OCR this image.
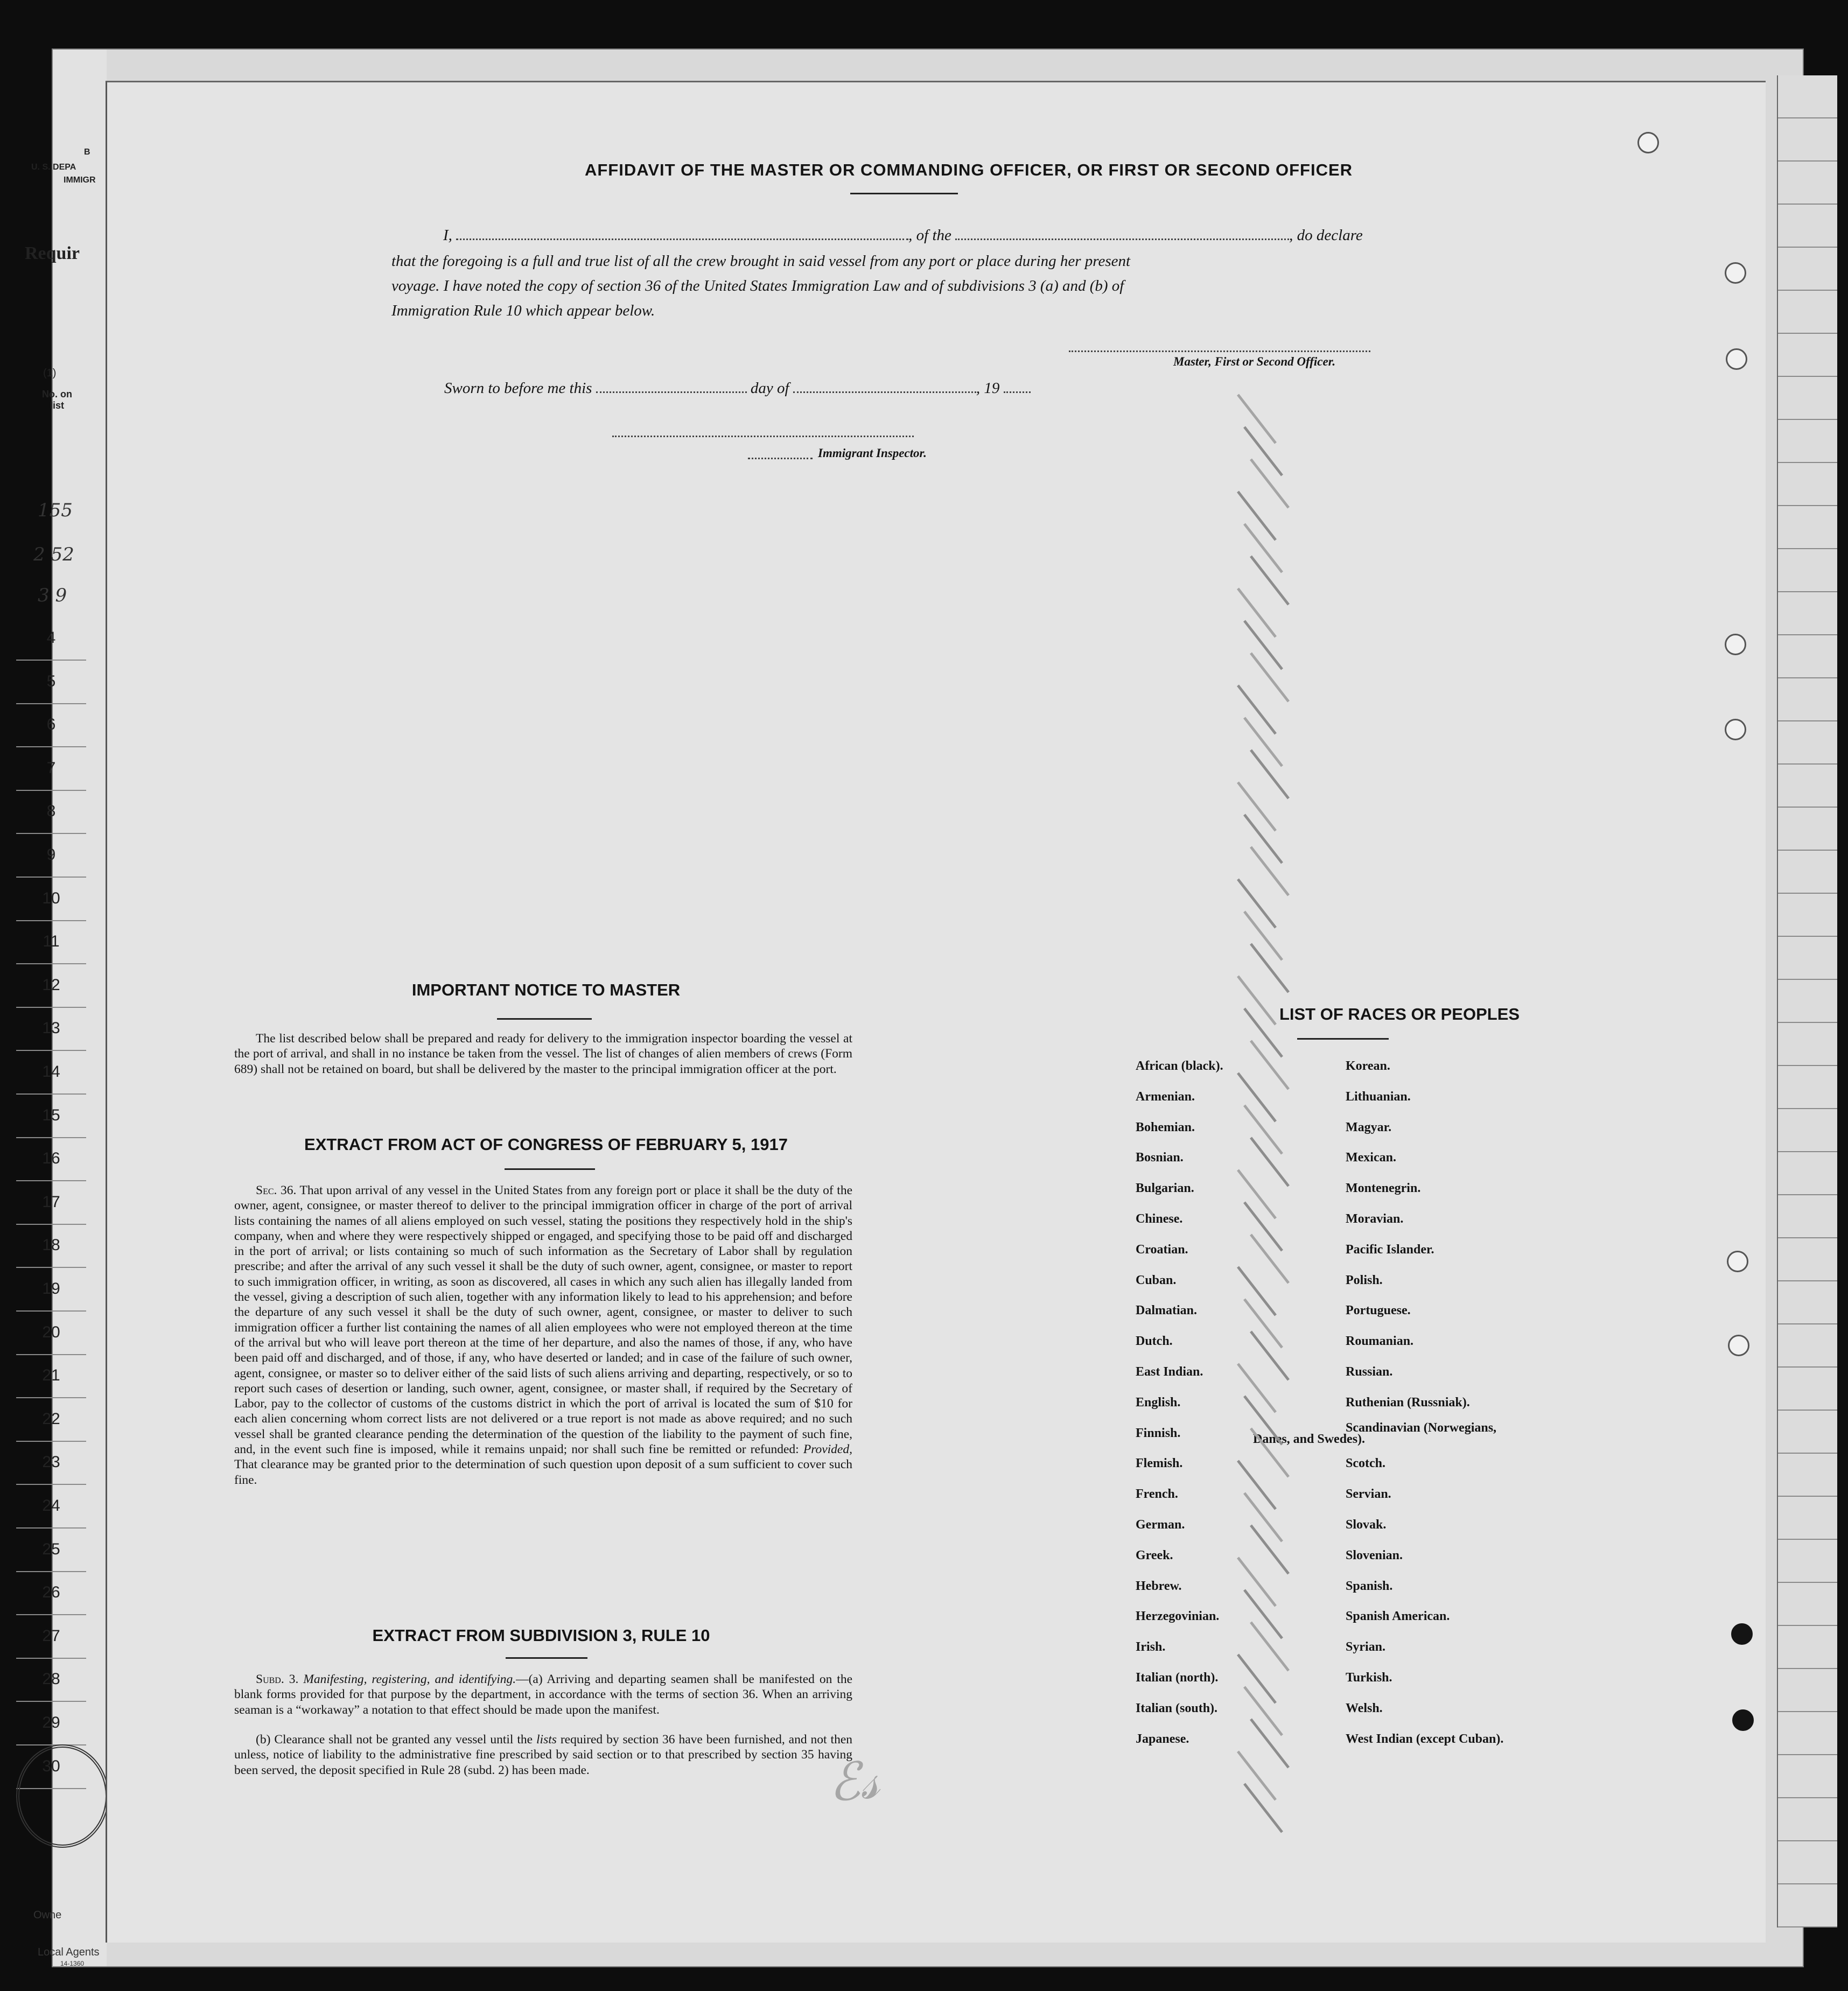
B
U. S. DEPA
IMMIGR
Requir
(1)
No. on list
155
2 52
3 9
4
5
6
7
8
9
10
11
12
13
14
15
16
17
18
19
20
21
22
23
24
25
26
27
28
29
30
Owne
Local Agents
14-1360
AFFIDAVIT OF THE MASTER OR COMMANDING OFFICER, OR FIRST OR SECOND OFFICER
I,	, of the	, do declare
that the foregoing is a full and true list of all the crew brought in said vessel from any port or place during her present
voyage. I have noted the copy of section 36 of the United States Immigration Law and of subdivisions 3 (a) and (b) of
Immigration Rule 10 which appear below.
Master, First or Second Officer.
Sworn to before me this	day of	, 19
Immigrant Inspector.
IMPORTANT NOTICE TO MASTER

The list described below shall be prepared and ready for delivery to the immigration inspector boarding the vessel at the port of arrival, and shall in no instance be taken from the vessel. The list of changes of alien members of crews (Form 689) shall not be retained on board, but shall be delivered by the master to the principal immigration officer at the port.

EXTRACT FROM ACT OF CONGRESS OF FEBRUARY 5, 1917

Sec. 36. That upon arrival of any vessel in the United States from any foreign port or place it shall be the duty of the owner, agent, consignee, or master thereof to deliver to the principal immigration officer in charge of the port of arrival lists containing the names of all aliens employed on such vessel, stating the positions they respectively hold in the ship's company, when and where they were respectively shipped or engaged, and specifying those to be paid off and discharged in the port of arrival; or lists containing so much of such information as the Secretary of Labor shall by regulation prescribe; and after the arrival of any such vessel it shall be the duty of such owner, agent, consignee, or master to report to such immigration officer, in writing, as soon as discovered, all cases in which any such alien has illegally landed from the vessel, giving a description of such alien, together with any information likely to lead to his apprehension; and before the departure of any such vessel it shall be the duty of such owner, agent, consignee, or master to deliver to such immigration officer a further list containing the names of all alien employees who were not employed thereon at the time of the arrival but who will leave port thereon at the time of her departure, and also the names of those, if any, who have been paid off and discharged, and of those, if any, who have deserted or landed; and in case of the failure of such owner, agent, consignee, or master so to deliver either of the said lists of such aliens arriving and departing, respectively, or so to report such cases of desertion or landing, such owner, agent, consignee, or master shall, if required by the Secretary of Labor, pay to the collector of customs of the customs district in which the port of arrival is located the sum of $10 for each alien concerning whom correct lists are not delivered or a true report is not made as above required; and no such vessel shall be granted clearance pending the determination of the question of the liability to the payment of such fine, and, in the event such fine is imposed, while it remains unpaid; nor shall such fine be remitted or refunded: Provided, That clearance may be granted prior to the determination of such question upon deposit of a sum sufficient to cover such fine.

EXTRACT FROM SUBDIVISION 3, RULE 10

Subd. 3. Manifesting, registering, and identifying.—(a) Arriving and departing seamen shall be manifested on the blank forms provided for that purpose by the department, in accordance with the terms of section 36. When an arriving seaman is a “workaway” a notation to that effect should be made upon the manifest.

(b) Clearance shall not be granted any vessel until the lists required by section 36 have been furnished, and not then unless, notice of liability to the administrative fine prescribed by said section or to that prescribed by section 35 having been served, the deposit specified in Rule 28 (subd. 2) has been made.

LIST OF RACES OR PEOPLES
African (black).
Armenian.
Bohemian.
Bosnian.
Bulgarian.
Chinese.
Croatian.
Cuban.
Dalmatian.
Dutch.
East Indian.
English.
Finnish.
Flemish.
French.
German.
Greek.
Hebrew.
Herzegovinian.
Irish.
Italian (north).
Italian (south).
Japanese.
Korean.
Lithuanian.
Magyar.
Mexican.
Montenegrin.
Moravian.
Pacific Islander.
Polish.
Portuguese.
Roumanian.
Russian.
Ruthenian (Russniak).
Scandinavian (Norwegians,
Scotch.
Servian.
Slovak.
Slovenian.
Spanish.
Spanish American.
Syrian.
Turkish.
Welsh.
West Indian (except Cuban).
Danes, and Swedes).
ℰ𝓈
